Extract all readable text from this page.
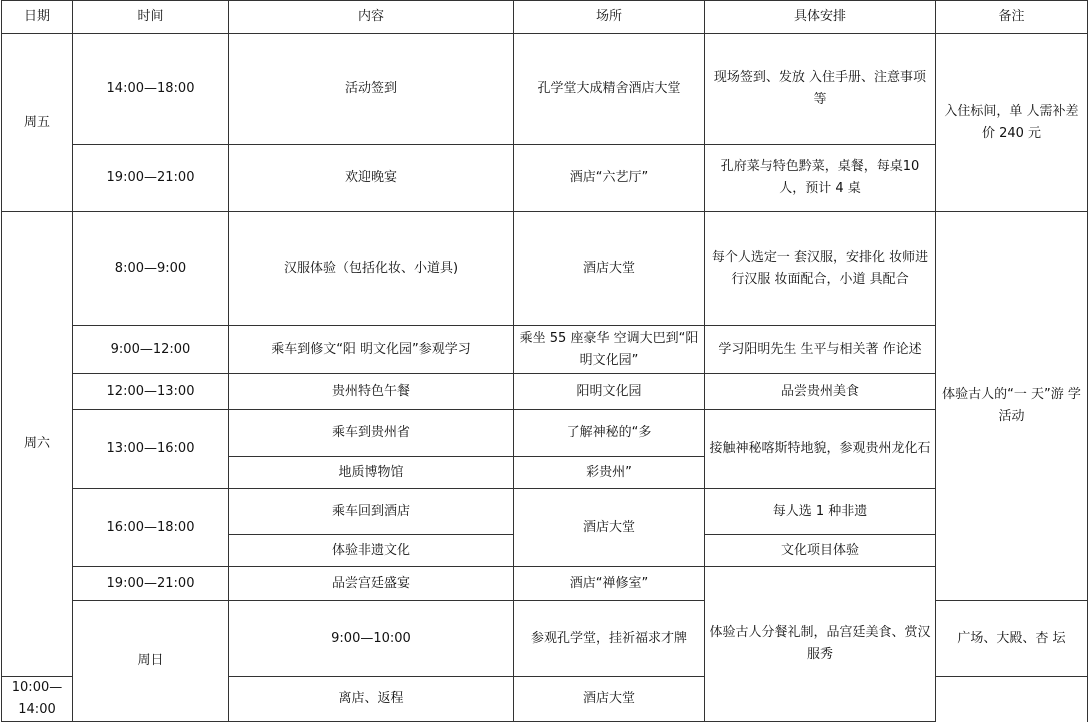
日期	时间	内容	场所	具体安排	备注	
周五	14:00—18:00	活动签到	孔学堂大成精舍酒店大堂	现场签到、发放 入住手册、注意事项等	入住标间，单 人需补差价 240 元	
	19:00—21:00	欢迎晚宴	酒店“六艺厅”	孔府菜与特色黔菜，桌餐，每桌10人，预计 4 桌		
周六	8:00—9:00	汉服体验（包括化妆、小道具)	酒店大堂	每个人选定一 套汉服，安排化 妆师进行汉服 妆面配合，小道 具配合	体验古人的“一 天”游 学活动	
	9:00—12:00	乘车到修文“阳 明文化园”参观学习	乘坐 55 座豪华 空调大巴到“阳明文化园”	学习阳明先生 生平与相关著 作论述		
	12:00—13:00	贵州特色午餐	阳明文化园	品尝贵州美食		
	13:00—16:00	乘车到贵州省	了解神秘的“多	接触神秘喀斯特地貌，参观贵州龙化石		
		地质博物馆	彩贵州”			
	16:00—18:00	乘车回到酒店	酒店大堂	每人选 1 种非遗		
		体验非遗文化		文化项目体验		
	19:00—21:00	品尝宫廷盛宴	酒店“禅修室”	体验古人分餐礼制，品宫廷美食、赏汉服秀	
	周日	9:00—10:00	参观孔学堂，挂祈福求才牌		广场、大殿、杏 坛	
10:00—14:00		离店、返程	酒店大堂			
